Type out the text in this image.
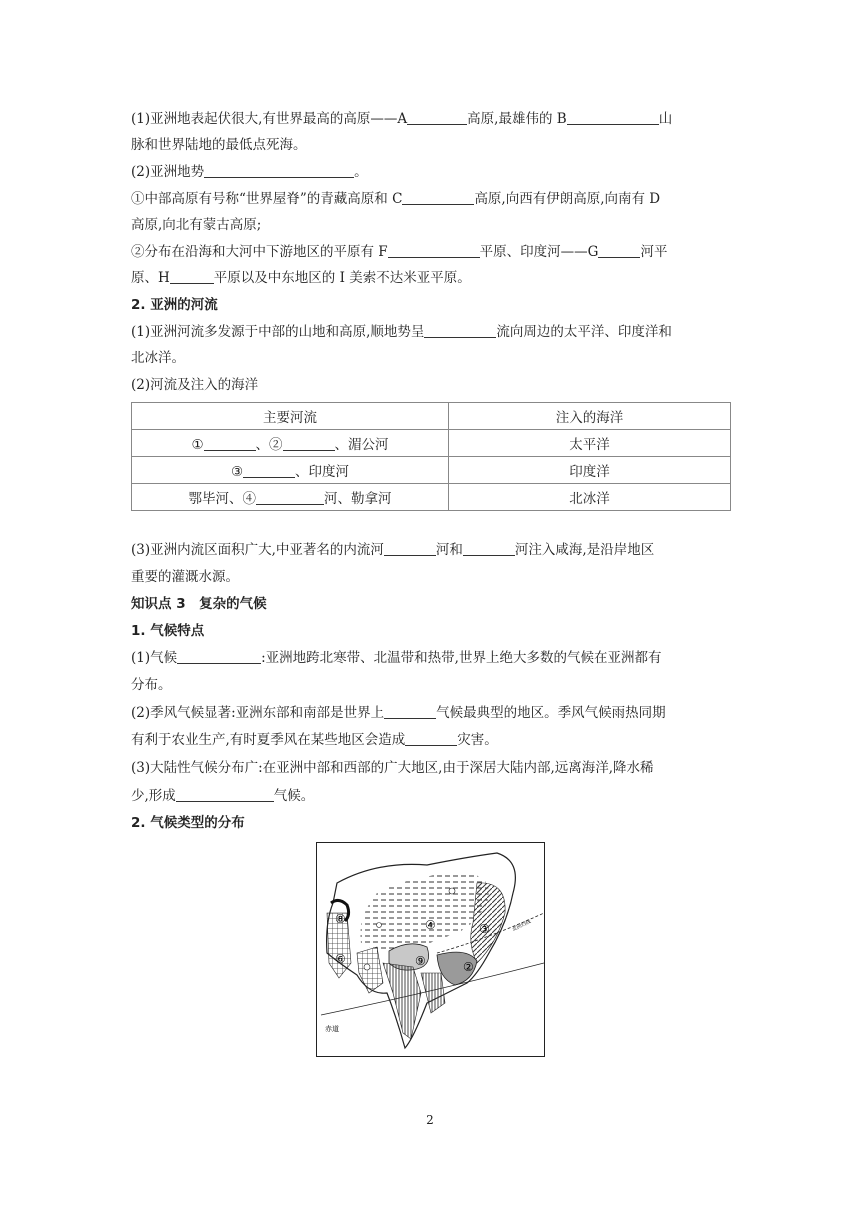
(1)亚洲地表起伏很大,有世界最高的高原——A	高原,最雄伟的 B	山
脉和世界陆地的最低点死海。
(2)亚洲地势	。
①中部高原有号称“世界屋脊”的青藏高原和 C	高原,向西有伊朗高原,向南有 D
高原,向北有蒙古高原;
②分布在沿海和大河中下游地区的平原有 F	平原、印度河——G	河平
原、H	平原以及中东地区的 I 美索不达米亚平原。
2. 亚洲的河流
(1)亚洲河流多发源于中部的山地和高原,顺地势呈	流向周边的太平洋、印度洋和
北冰洋。
(2)河流及注入的海洋
主要河流	注入的海洋
① 、② 、湄公河	太平洋
③ 、印度河	印度洋
鄂毕河、④ 河、勒拿河	北冰洋
(3)亚洲内流区面积广大,中亚著名的内流河	河和	河注入咸海,是沿岸地区
重要的灌溉水源。
知识点 3　复杂的气候
1. 气候特点
(1)气候	:亚洲地跨北寒带、北温带和热带,世界上绝大多数的气候在亚洲都有
分布。
(2)季风气候显著:亚洲东部和南部是世界上	气候最典型的地区。季风气候雨热同期
有利于农业生产,有时夏季风在某些地区会造成	灾害。
(3)大陆性气候分布广:在亚洲中部和西部的广大地区,由于深居大陆内部,远离海洋,降水稀
少,形成	气候。
2. 气候类型的分布
⑧	④	③
⑥	⑨	②
赤道
北回归线
2
